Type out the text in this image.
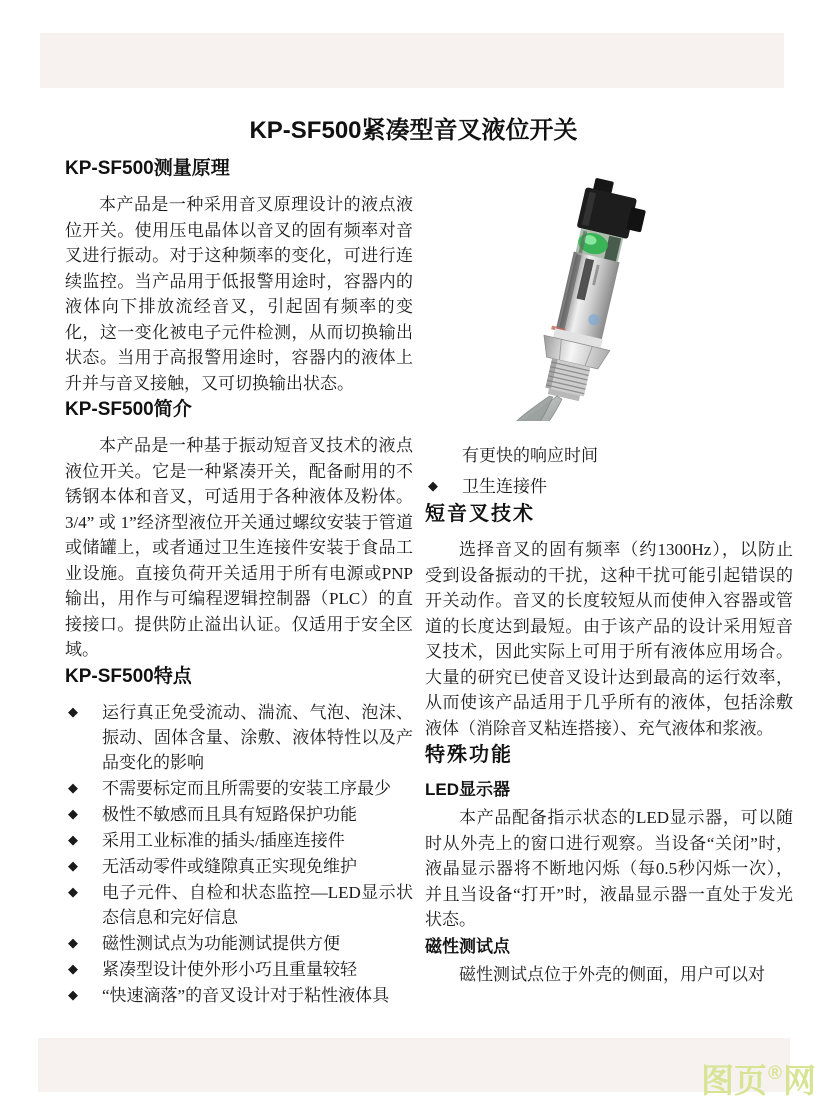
KP-SF500紧凑型音叉液位开关
KP-SF500测量原理

本产品是一种采用音叉原理设计的液点液位开关。使用压电晶体以音叉的固有频率对音叉进行振动。对于这种频率的变化，可进行连续监控。当产品用于低报警用途时，容器内的液体向下排放流经音叉，引起固有频率的变化，这一变化被电子元件检测，从而切换输出状态。当用于高报警用途时，容器内的液体上升并与音叉接触，又可切换输出状态。

KP-SF500简介

本产品是一种基于振动短音叉技术的液点液位开关。它是一种紧凑开关，配备耐用的不锈钢本体和音叉，可适用于各种液体及粉体。3/4” 或 1”经济型液位开关通过螺纹安装于管道或储罐上，或者通过卫生连接件安装于食品工业设施。直接负荷开关适用于所有电源或PNP 输出，用作与可编程逻辑控制器（PLC）的直接接口。提供防止溢出认证。仅适用于安全区域。

KP-SF500特点
◆	运行真正免受流动、湍流、气泡、泡沫、振动、固体含量、涂敷、液体特性以及产品变化的影响
◆	不需要标定而且所需要的安装工序最少
◆	极性不敏感而且具有短路保护功能
◆	采用工业标准的插头/插座连接件
◆	无活动零件或缝隙真正实现免维护
◆	电子元件、自检和状态监控—LED显示状态信息和完好信息
◆	磁性测试点为功能测试提供方便
◆	紧凑型设计使外形小巧且重量较轻
◆	“快速滴落”的音叉设计对于粘性液体具
有更快的响应时间
◆	卫生连接件
短音叉技术

选择音叉的固有频率（约1300Hz），以防止受到设备振动的干扰，这种干扰可能引起错误的开关动作。音叉的长度较短从而使伸入容器或管道的长度达到最短。由于该产品的设计采用短音叉技术，因此实际上可用于所有液体应用场合。大量的研究已使音叉设计达到最高的运行效率，从而使该产品适用于几乎所有的液体，包括涂敷液体（消除音叉粘连搭接）、充气液体和浆液。

特殊功能
LED显示器

本产品配备指示状态的LED显示器，可以随时从外壳上的窗口进行观察。当设备“关闭”时，液晶显示器将不断地闪烁（每0.5秒闪烁一次），并且当设备“打开”时，液晶显示器一直处于发光状态。

磁性测试点

磁性测试点位于外壳的侧面，用户可以对

图页®网
